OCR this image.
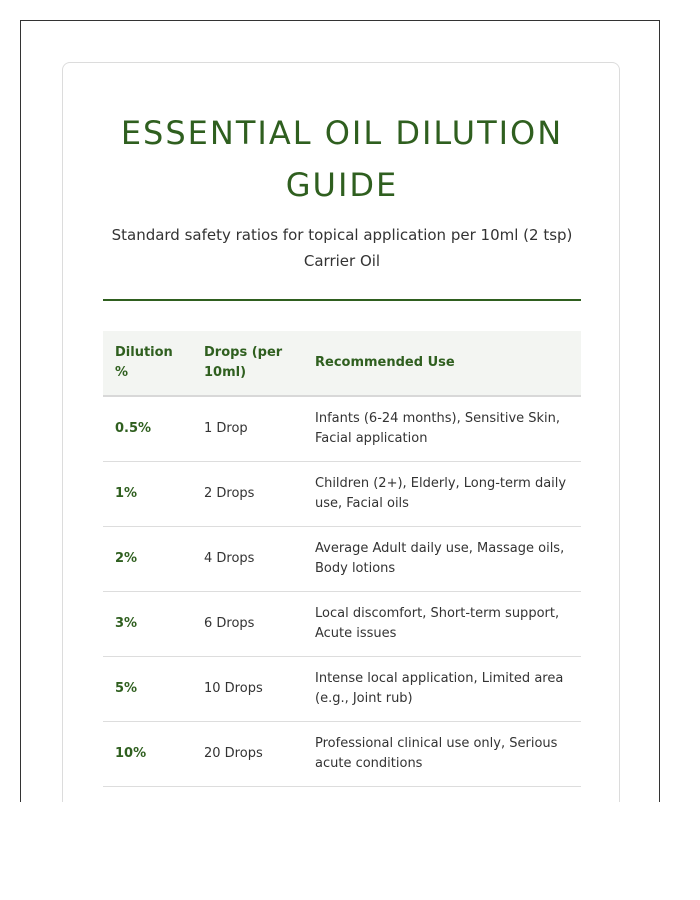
ESSENTIAL OIL DILUTION GUIDE

Standard safety ratios for topical application per 10ml (2 tsp) Carrier Oil

Dilution %	Drops (per 10ml)	Recommended Use
0.5%	1 Drop	Infants (6-24 months), Sensitive Skin, Facial application
1%	2 Drops	Children (2+), Elderly, Long-term daily use, Facial oils
2%	4 Drops	Average Adult daily use, Massage oils, Body lotions
3%	6 Drops	Local discomfort, Short-term support, Acute issues
5%	10 Drops	Intense local application, Limited area (e.g., Joint rub)
10%	20 Drops	Professional clinical use only, Serious acute conditions
